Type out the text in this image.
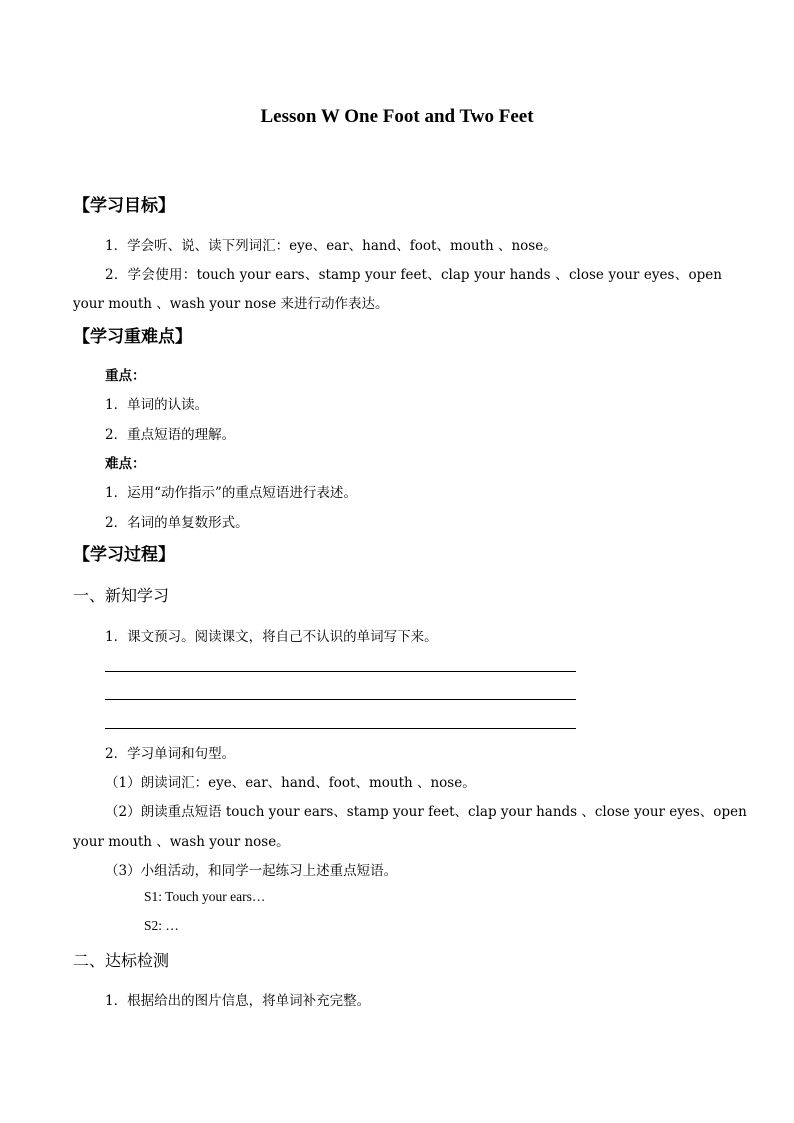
Lesson W One Foot and Two Feet
【学习目标】
1．学会听、说、读下列词汇：eye、ear、hand、foot、mouth 、nose。
2．学会使用：touch your ears、stamp your feet、clap your hands 、close your eyes、open
your mouth 、wash your nose 来进行动作表达。
【学习重难点】
重点：
1．单词的认读。
2．重点短语的理解。
难点：
1．运用“动作指示”的重点短语进行表述。
2．名词的单复数形式。
【学习过程】
一、新知学习
1．课文预习。阅读课文，将自己不认识的单词写下来。
2．学习单词和句型。
（1）朗读词汇：eye、ear、hand、foot、mouth 、nose。
（2）朗读重点短语 touch your ears、stamp your feet、clap your hands 、close your eyes、open
your mouth 、wash your nose。
（3）小组活动，和同学一起练习上述重点短语。
S1: Touch your ears…
S2: …
二、达标检测
1．根据给出的图片信息，将单词补充完整。
